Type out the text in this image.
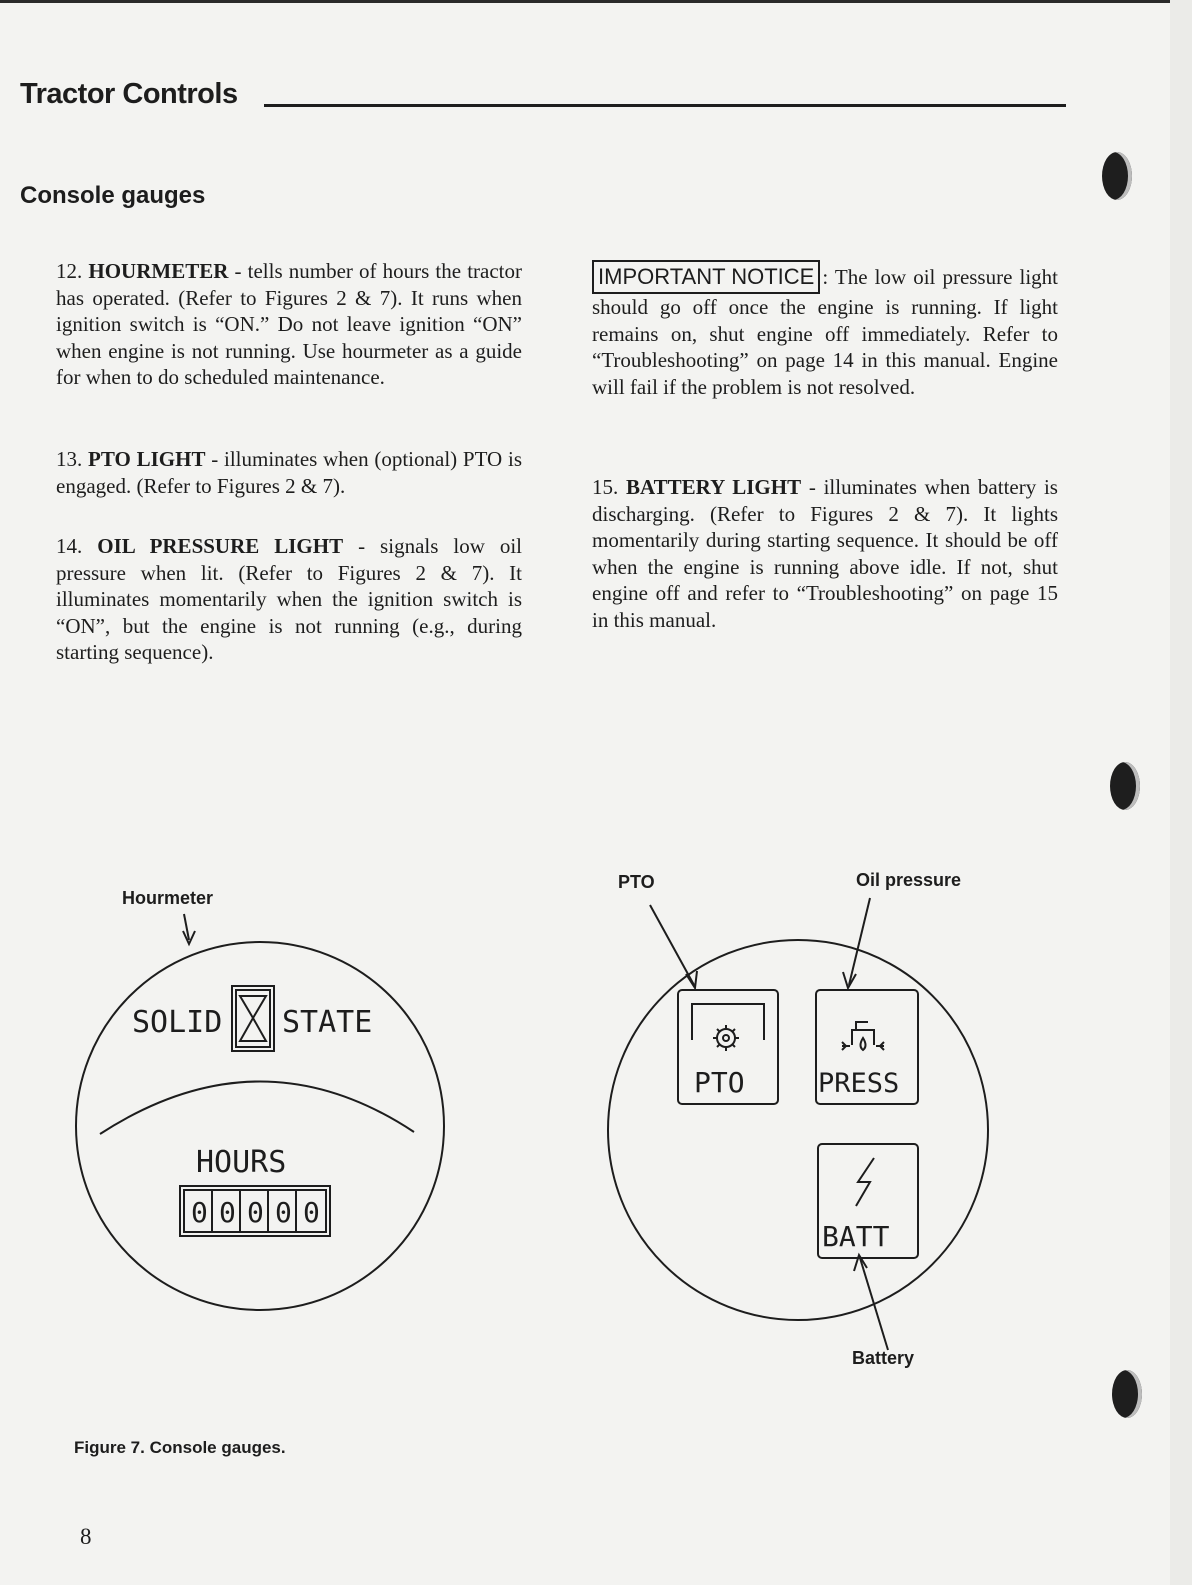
Tractor Controls
Console gauges

12. HOURMETER - tells number of hours the tractor has operated. (Refer to Figures 2 & 7). It runs when ignition switch is “ON.” Do not leave ignition “ON” when engine is not running. Use hourmeter as a guide for when to do scheduled maintenance.

13. PTO LIGHT - illuminates when (optional) PTO is engaged. (Refer to Figures 2 & 7).

14. OIL PRESSURE LIGHT - signals low oil pressure when lit. (Refer to Figures 2 & 7). It illuminates momentarily when the ignition switch is “ON”, but the engine is not running (e.g., during starting sequence).

IMPORTANT NOTICE : The low oil pressure light should go off once the engine is running. If light remains on, shut engine off immediately. Refer to “Troubleshooting” on page 14 in this manual. Engine will fail if the problem is not resolved.

15. BATTERY LIGHT - illuminates when battery is discharging. (Refer to Figures 2 & 7). It lights momentarily during starting sequence. It should be off when the engine is running above idle. If not, shut engine off and refer to “Troubleshooting” on page 15 in this manual.

Hourmeter
PTO	Oil pressure
Battery
SOLID STATE
HOURS
0 0 0 0 0
PTO	PRESS
BATT
Figure 7. Console gauges.
8
